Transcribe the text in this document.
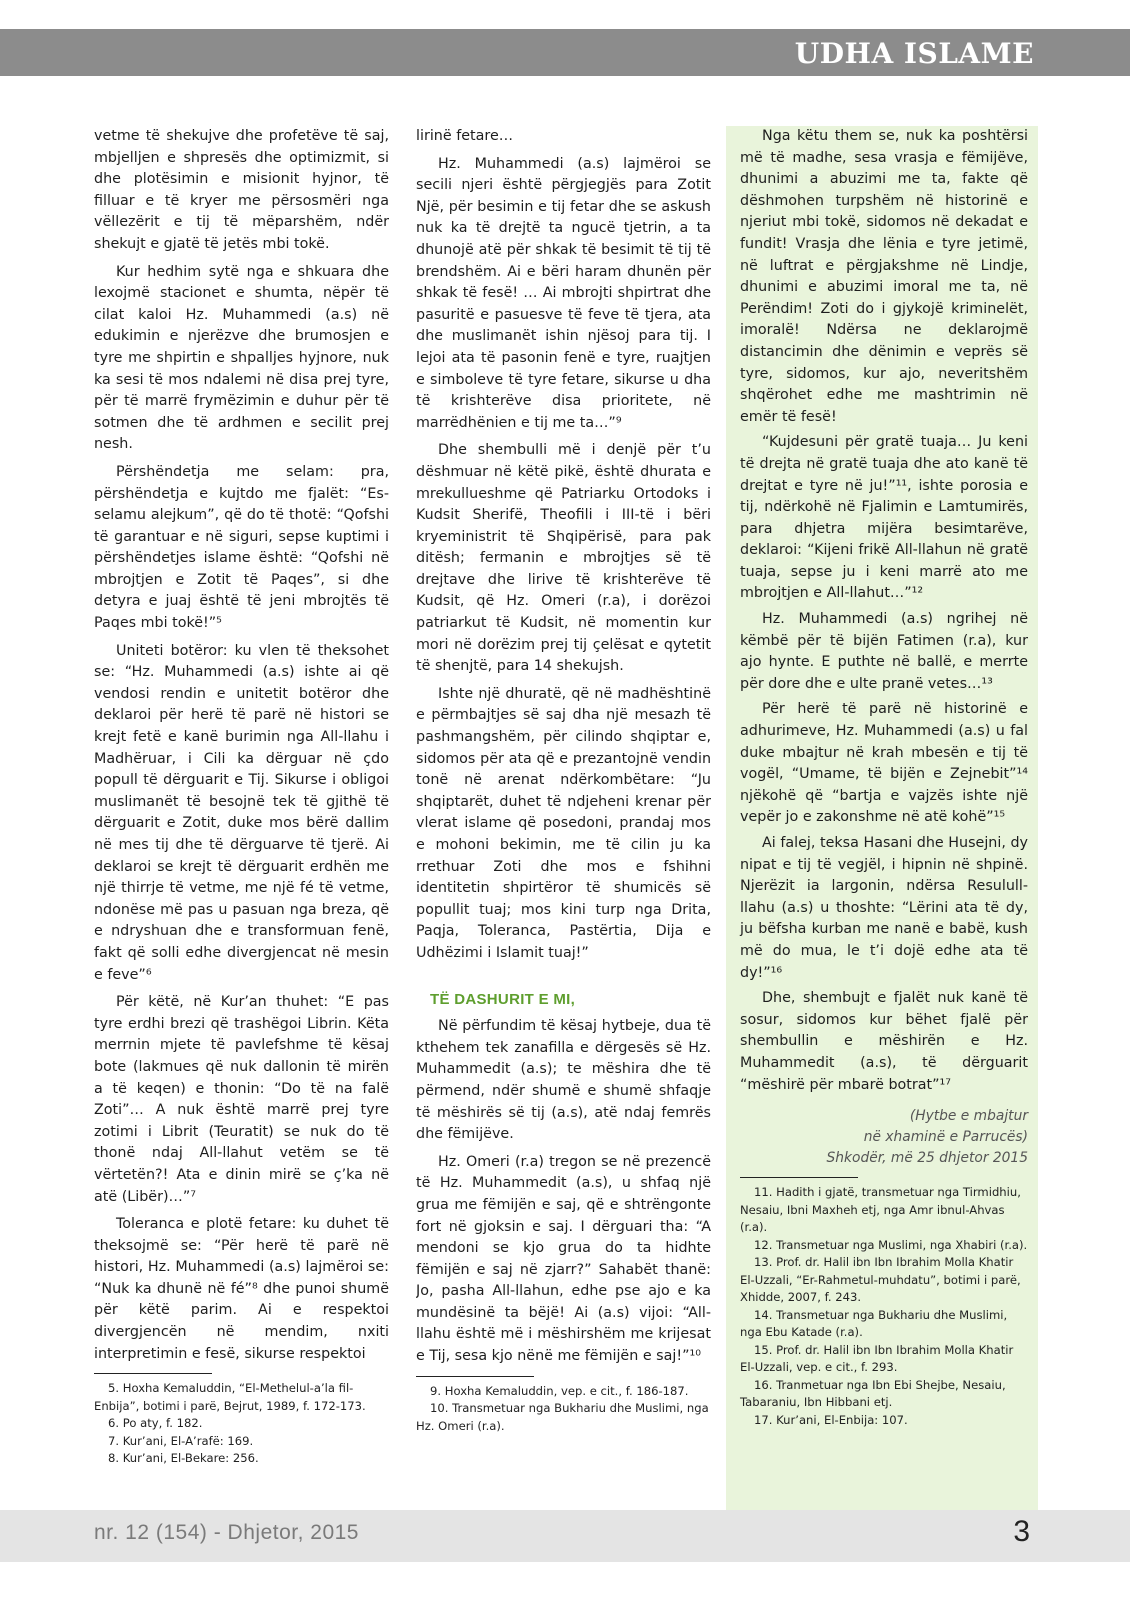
UDHA ISLAME

vetme të shekujve dhe profetëve të saj, mbjelljen e shpresës dhe optimizmit, si dhe plotësimin e misionit hyjnor, të filluar e të kryer me përsosmëri nga vëllezërit e tij të mëparshëm, ndër shekujt e gjatë të jetës mbi tokë.

Kur hedhim sytë nga e shkuara dhe lexojmë stacionet e shumta, nëpër të cilat kaloi Hz. Muhammedi (a.s) në edukimin e njerëzve dhe brumosjen e tyre me shpirtin e shpalljes hyjnore, nuk ka sesi të mos ndalemi në disa prej tyre, për të marrë frymëzimin e duhur për të sotmen dhe të ardhmen e secilit prej nesh.

Përshëndetja me selam: pra, përshëndetja e kujtdo me fjalët: “Es-selamu alejkum”, që do të thotë: “Qofshi të garantuar e në siguri, sepse kuptimi i përshëndetjes islame është: “Qofshi në mbrojtjen e Zotit të Paqes”, si dhe detyra e juaj është të jeni mbrojtës të Paqes mbi tokë!”⁵

Uniteti botëror: ku vlen të theksohet se: “Hz. Muhammedi (a.s) ishte ai që vendosi rendin e unitetit botëror dhe deklaroi për herë të parë në histori se krejt fetë e kanë burimin nga All-llahu i Madhëruar, i Cili ka dërguar në çdo popull të dërguarit e Tij. Sikurse i obligoi muslimanët të besojnë tek të gjithë të dërguarit e Zotit, duke mos bërë dallim në mes tij dhe të dërguarve të tjerë. Ai deklaroi se krejt të dërguarit erdhën me një thirrje të vetme, me një fé të vetme, ndonëse më pas u pasuan nga breza, që e ndryshuan dhe e transformuan fenë, fakt që solli edhe divergjencat në mesin e feve”⁶

Për këtë, në Kur’an thuhet: “E pas tyre erdhi brezi që trashëgoi Librin. Këta merrnin mjete të pavlefshme të kësaj bote (lakmues që nuk dallonin të mirën a të keqen) e thonin: “Do të na falë Zoti”… A nuk është marrë prej tyre zotimi i Librit (Teuratit) se nuk do të thonë ndaj All-llahut vetëm se të vërtetën?! Ata e dinin mirë se ç’ka në atë (Libër)…”⁷

Toleranca e plotë fetare: ku duhet të theksojmë se: “Për herë të parë në histori, Hz. Muhammedi (a.s) lajmëroi se: “Nuk ka dhunë në fé”⁸ dhe punoi shumë për këtë parim. Ai e respektoi divergjencën në mendim, nxiti interpretimin e fesë, sikurse respektoi

5. Hoxha Kemaluddin, “El-Methelul-a’la fil-Enbija”, botimi i parë, Bejrut, 1989, f. 172-173.

6. Po aty, f. 182.

7. Kur’ani, El-A’rafë: 169.

8. Kur’ani, El-Bekare: 256.

lirinë fetare…

Hz. Muhammedi (a.s) lajmëroi se secili njeri është përgjegjës para Zotit Një, për besimin e tij fetar dhe se askush nuk ka të drejtë ta ngucë tjetrin, a ta dhunojë atë për shkak të besimit të tij të brendshëm. Ai e bëri haram dhunën për shkak të fesë! … Ai mbrojti shpirtrat dhe pasuritë e pasuesve të feve të tjera, ata dhe muslimanët ishin njësoj para tij. I lejoi ata të pasonin fenë e tyre, ruajtjen e simboleve të tyre fetare, sikurse u dha të krishterëve disa prioritete, në marrëdhënien e tij me ta…”⁹

Dhe shembulli më i denjë për t’u dëshmuar në këtë pikë, është dhurata e mrekullueshme që Patriarku Ortodoks i Kudsit Sherifë, Theofili i III-të i bëri kryeministrit të Shqipërisë, para pak ditësh; fermanin e mbrojtjes së të drejtave dhe lirive të krishterëve të Kudsit, që Hz. Omeri (r.a), i dorëzoi patriarkut të Kudsit, në momentin kur mori në dorëzim prej tij çelësat e qytetit të shenjtë, para 14 shekujsh.

Ishte një dhuratë, që në madhështinë e përmbajtjes së saj dha një mesazh të pashmangshëm, për cilindo shqiptar e, sidomos për ata që e prezantojnë vendin tonë në arenat ndërkombëtare: “Ju shqiptarët, duhet të ndjeheni krenar për vlerat islame që posedoni, prandaj mos e mohoni bekimin, me të cilin ju ka rrethuar Zoti dhe mos e fshihni identitetin shpirtëror të shumicës së popullit tuaj; mos kini turp nga Drita, Paqja, Toleranca, Pastërtia, Dija e Udhëzimi i Islamit tuaj!”

TË DASHURIT E MI,

Në përfundim të kësaj hytbeje, dua të kthehem tek zanafilla e dërgesës së Hz. Muhammedit (a.s); te mëshira dhe të përmend, ndër shumë e shumë shfaqje të mëshirës së tij (a.s), atë ndaj femrës dhe fëmijëve.

Hz. Omeri (r.a) tregon se në prezencë të Hz. Muhammedit (a.s), u shfaq një grua me fëmijën e saj, që e shtrëngonte fort në gjoksin e saj. I dërguari tha: “A mendoni se kjo grua do ta hidhte fëmijën e saj në zjarr?” Sahabët thanë: Jo, pasha All-llahun, edhe pse ajo e ka mundësinë ta bëjë! Ai (a.s) vijoi: “All-llahu është më i mëshirshëm me krijesat e Tij, sesa kjo nënë me fëmijën e saj!”¹⁰

9. Hoxha Kemaluddin, vep. e cit., f. 186-187.

10. Transmetuar nga Bukhariu dhe Muslimi, nga Hz. Omeri (r.a).

Nga këtu them se, nuk ka poshtërsi më të madhe, sesa vrasja e fëmijëve, dhunimi a abuzimi me ta, fakte që dëshmohen turpshëm në historinë e njeriut mbi tokë, sidomos në dekadat e fundit! Vrasja dhe lënia e tyre jetimë, në luftrat e përgjakshme në Lindje, dhunimi e abuzimi imoral me ta, në Perëndim! Zoti do i gjykojë kriminelët, imoralë! Ndërsa ne deklarojmë distancimin dhe dënimin e veprës së tyre, sidomos, kur ajo, neveritshëm shqërohet edhe me mashtrimin në emër të fesë!

“Kujdesuni për gratë tuaja… Ju keni të drejta në gratë tuaja dhe ato kanë të drejtat e tyre në ju!”¹¹, ishte porosia e tij, ndërkohë në Fjalimin e Lamtumirës, para dhjetra mijëra besimtarëve, deklaroi: “Kijeni frikë All-llahun në gratë tuaja, sepse ju i keni marrë ato me mbrojtjen e All-llahut…”¹²

Hz. Muhammedi (a.s) ngrihej në këmbë për të bijën Fatimen (r.a), kur ajo hynte. E puthte në ballë, e merrte për dore dhe e ulte pranë vetes…¹³

Për herë të parë në historinë e adhurimeve, Hz. Muhammedi (a.s) u fal duke mbajtur në krah mbesën e tij të vogël, “Umame, të bijën e Zejnebit”¹⁴ njëkohë që “bartja e vajzës ishte një vepër jo e zakonshme në atë kohë”¹⁵

Ai falej, teksa Hasani dhe Husejni, dy nipat e tij të vegjël, i hipnin në shpinë. Njerëzit ia largonin, ndërsa Resulull-llahu (a.s) u thoshte: “Lërini ata të dy, ju bëfsha kurban me nanë e babë, kush më do mua, le t’i dojë edhe ata të dy!”¹⁶

Dhe, shembujt e fjalët nuk kanë të sosur, sidomos kur bëhet fjalë për shembullin e mëshirën e Hz. Muhammedit (a.s), të dërguarit “mëshirë për mbarë botrat”¹⁷

(Hytbe e mbajtur
në xhaminë e Parrucës)
Shkodër, më 25 dhjetor 2015

11. Hadith i gjatë, transmetuar nga Tirmidhiu, Nesaiu, Ibni Maxheh etj, nga Amr ibnul-Ahvas (r.a).

12. Transmetuar nga Muslimi, nga Xhabiri (r.a).

13. Prof. dr. Halil ibn Ibn Ibrahim Molla Khatir El-Uzzali, “Er-Rahmetul-muhdatu”, botimi i parë, Xhidde, 2007, f. 243.

14. Transmetuar nga Bukhariu dhe Muslimi, nga Ebu Katade (r.a).

15. Prof. dr. Halil ibn Ibn Ibrahim Molla Khatir El-Uzzali, vep. e cit., f. 293.

16. Tranmetuar nga Ibn Ebi Shejbe, Nesaiu, Tabaraniu, Ibn Hibbani etj.

17. Kur’ani, El-Enbija: 107.

nr. 12 (154) - Dhjetor, 2015	3
